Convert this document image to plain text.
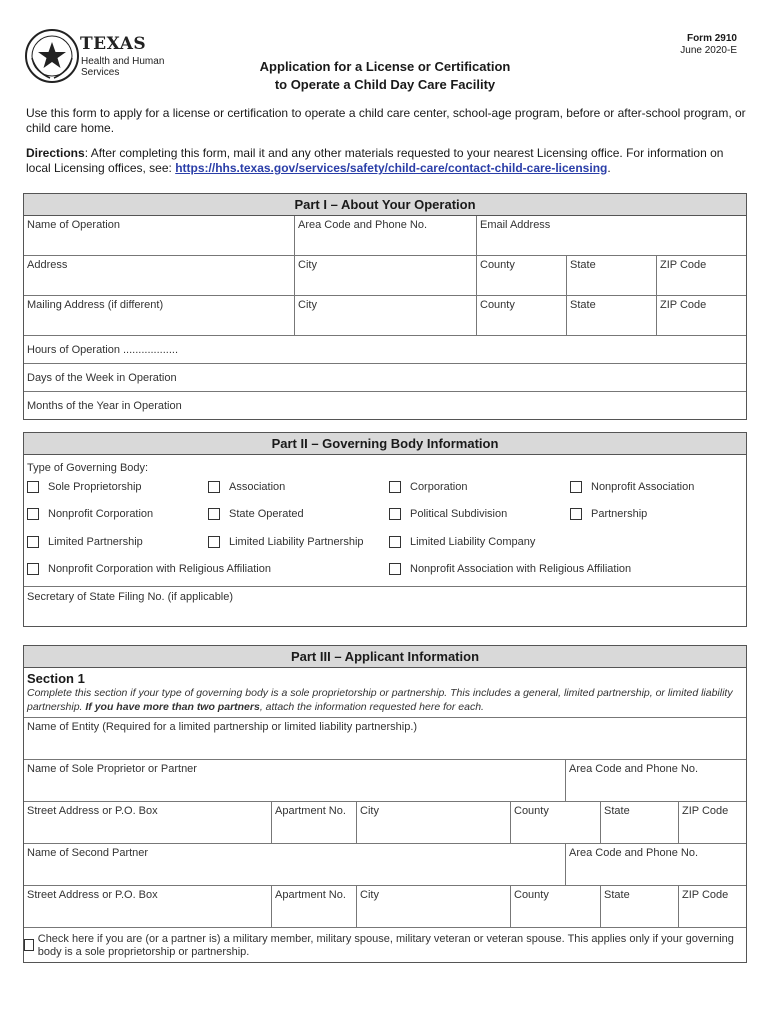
TEXAS
Health and Human
Services
Form 2910
June 2020-E
Application for a License or Certification
to Operate a Child Day Care Facility
Use this form to apply for a license or certification to operate a child care center, school-age program, before or after-school program, or child care home.
Directions: After completing this form, mail it and any other materials requested to your nearest Licensing office. For information on local Licensing offices, see: https://hhs.texas.gov/services/safety/child-care/contact-child-care-licensing.
Part I – About Your Operation
Name of Operation	Area Code and Phone No.	Email Address
Address	City	County	State	ZIP Code
Mailing Address (if different)	City	County	State	ZIP Code
Hours of Operation ..................
Days of the Week in Operation
Months of the Year in Operation
Part II – Governing Body Information
Type of Governing Body:
Sole Proprietorship	Association	Corporation	Nonprofit Association
Nonprofit Corporation	State Operated	Political Subdivision	Partnership
Limited Partnership	Limited Liability Partnership	Limited Liability Company
Nonprofit Corporation with Religious Affiliation	Nonprofit Association with Religious Affiliation
Secretary of State Filing No. (if applicable)
Part III – Applicant Information
Section 1
Complete this section if your type of governing body is a sole proprietorship or partnership. This includes a general, limited partnership, or limited liability partnership. If you have more than two partners, attach the information requested here for each.
Name of Entity (Required for a limited partnership or limited liability partnership.)
Name of Sole Proprietor or Partner	Area Code and Phone No.
Street Address or P.O. Box	Apartment No.	City	County	State	ZIP Code
Name of Second Partner	Area Code and Phone No.
Street Address or P.O. Box	Apartment No.	City	County	State	ZIP Code
Check here if you are (or a partner is) a military member, military spouse, military veteran or veteran spouse. This applies only if your governing body is a sole proprietorship or partnership.
